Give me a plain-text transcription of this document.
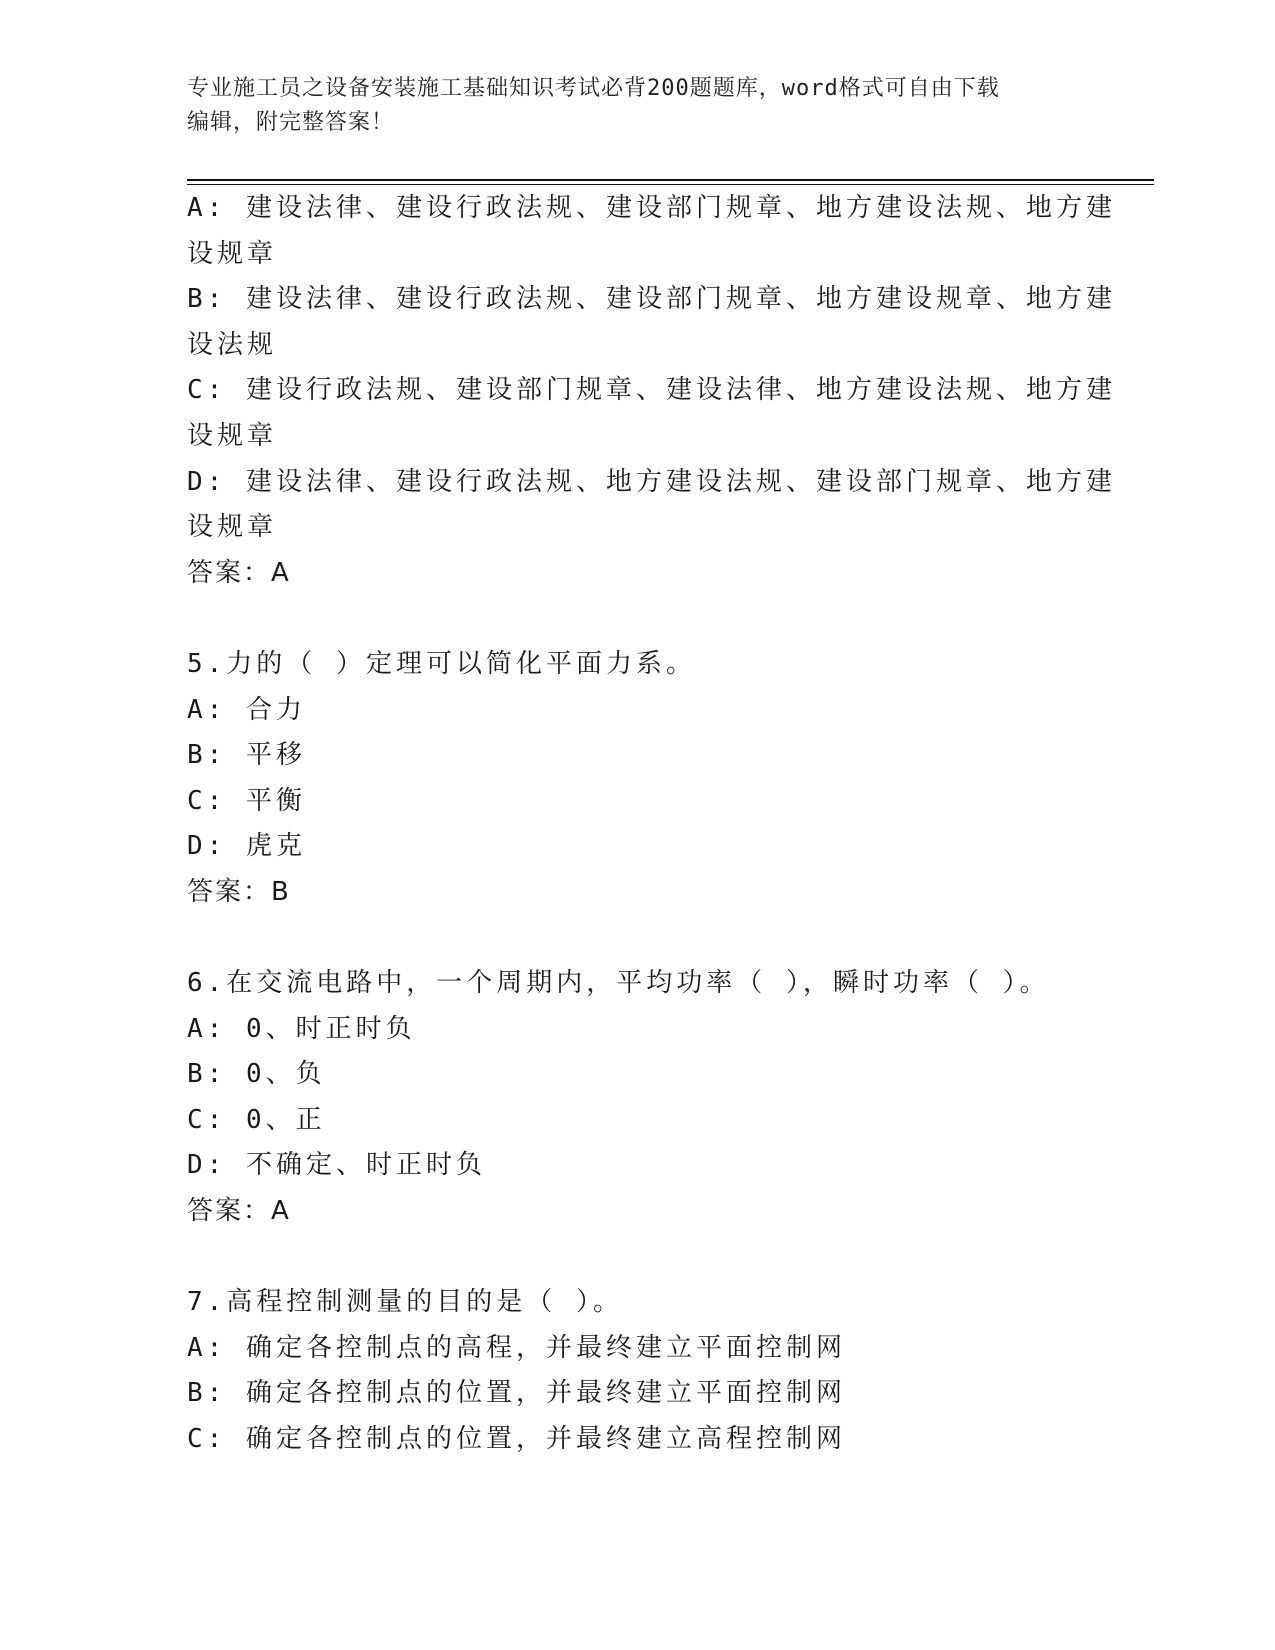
专业施工员之设备安装施工基础知识考试必背200题题库，word格式可自由下载
编辑，附完整答案！
A: 建设法律、建设行政法规、建设部门规章、地方建设法规、地方建
设规章
B: 建设法律、建设行政法规、建设部门规章、地方建设规章、地方建
设法规
C: 建设行政法规、建设部门规章、建设法律、地方建设法规、地方建
设规章
D: 建设法律、建设行政法规、地方建设法规、建设部门规章、地方建
设规章
答案：A
5.力的（ ）定理可以简化平面力系。
A: 合力
B: 平移
C: 平衡
D: 虎克
答案：B
6.在交流电路中，一个周期内，平均功率（ ），瞬时功率（ ）。
A: 0、时正时负
B: 0、负
C: 0、正
D: 不确定、时正时负
答案：A
7.高程控制测量的目的是（ ）。
A: 确定各控制点的高程，并最终建立平面控制网
B: 确定各控制点的位置，并最终建立平面控制网
C: 确定各控制点的位置，并最终建立高程控制网
